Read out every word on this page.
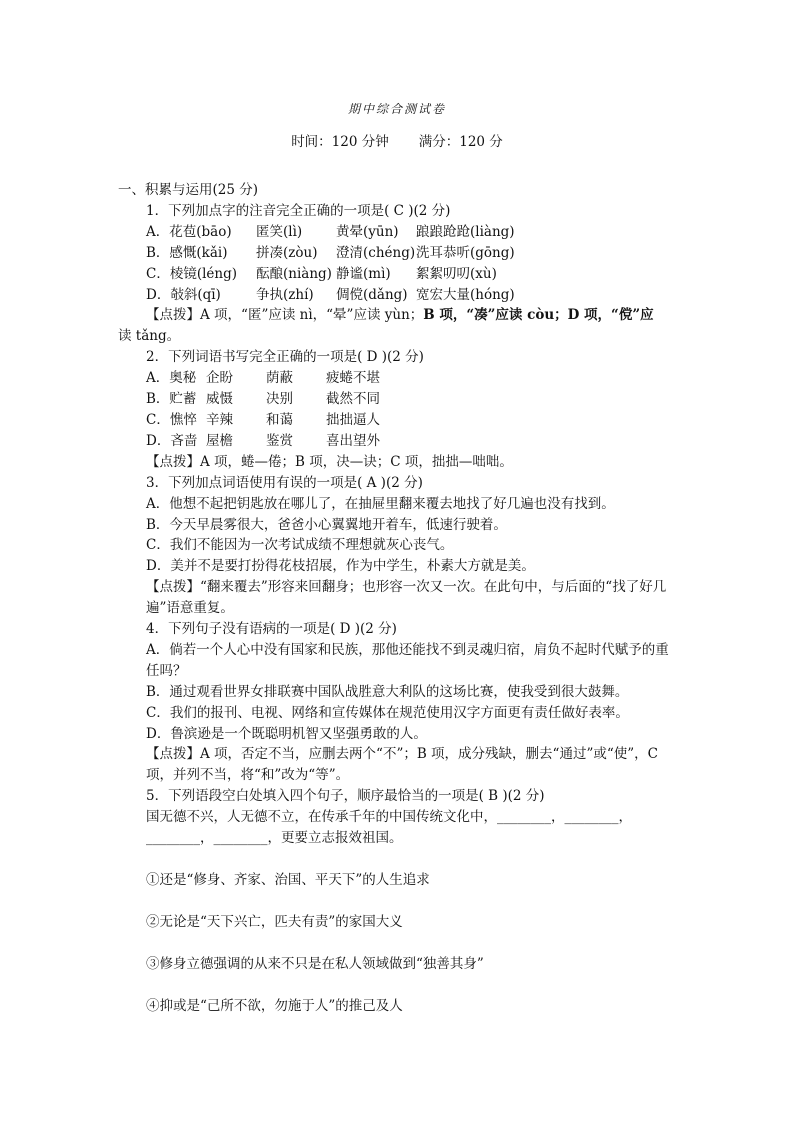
期中综合测试卷
时间：120 分钟 满分：120 分
一、积累与运用(25 分)
1．下列加点字的注音完全正确的一项是( C )(2 分)
A．花苞(bāo) 匿笑(lì)	黄晕(yūn) 踉踉跄跄(liàng)
B．感慨(kǎi) 拼凑(zòu) 澄清(chéng)洗耳恭听(gōng)
C．棱镜(léng) 酝酿(niàng) 静谧(mì) 絮絮叨叨(xù)
D．敧斜(qī)	争执(zhí) 倜傥(dǎng) 宽宏大量(hóng)
【点拨】A 项，“匿”应读 nì，“晕”应读 yùn；B 项，“凑”应读 còu；D 项，“傥”应
读 tǎng。
2．下列词语书写完全正确的一项是( D )(2 分)
A．奥秘 企盼 荫蔽 疲蜷不堪
B．贮蓄 威慑 决别 截然不同
C．憔悴 辛辣 和蔼 拙拙逼人
D．吝啬 屋檐 鉴赏 喜出望外
【点拨】A 项，蜷—倦；B 项，决—诀；C 项，拙拙—咄咄。
3．下列加点词语使用有误的一项是( A )(2 分)
A．他想不起把钥匙放在哪儿了，在抽屉里翻来覆去地找了好几遍也没有找到。
B．今天早晨雾很大，爸爸小心翼翼地开着车，低速行驶着。
C．我们不能因为一次考试成绩不理想就灰心丧气。
D．美并不是要打扮得花枝招展，作为中学生，朴素大方就是美。
【点拨】“翻来覆去”形容来回翻身；也形容一次又一次。在此句中，与后面的“找了好几遍”语意重复。
4．下列句子没有语病的一项是( D )(2 分)
A．倘若一个人心中没有国家和民族，那他还能找不到灵魂归宿，肩负不起时代赋予的重任吗？
B．通过观看世界女排联赛中国队战胜意大利队的这场比赛，使我受到很大鼓舞。
C．我们的报刊、电视、网络和宣传媒体在规范使用汉字方面更有责任做好表率。
D．鲁滨逊是一个既聪明机智又坚强勇敢的人。
【点拨】A 项，否定不当，应删去两个“不”；B 项，成分残缺，删去“通过”或“使”，C 项，并列不当，将“和”改为“等”。
5．下列语段空白处填入四个句子，顺序最恰当的一项是( B )(2 分)
国无德不兴，人无德不立，在传承千年的中国传统文化中，________，________，________，________，更要立志报效祖国。
①还是“修身、齐家、治国、平天下”的人生追求
②无论是“天下兴亡，匹夫有责”的家国大义
③修身立德强调的从来不只是在私人领域做到“独善其身”
④抑或是“己所不欲，勿施于人”的推己及人
